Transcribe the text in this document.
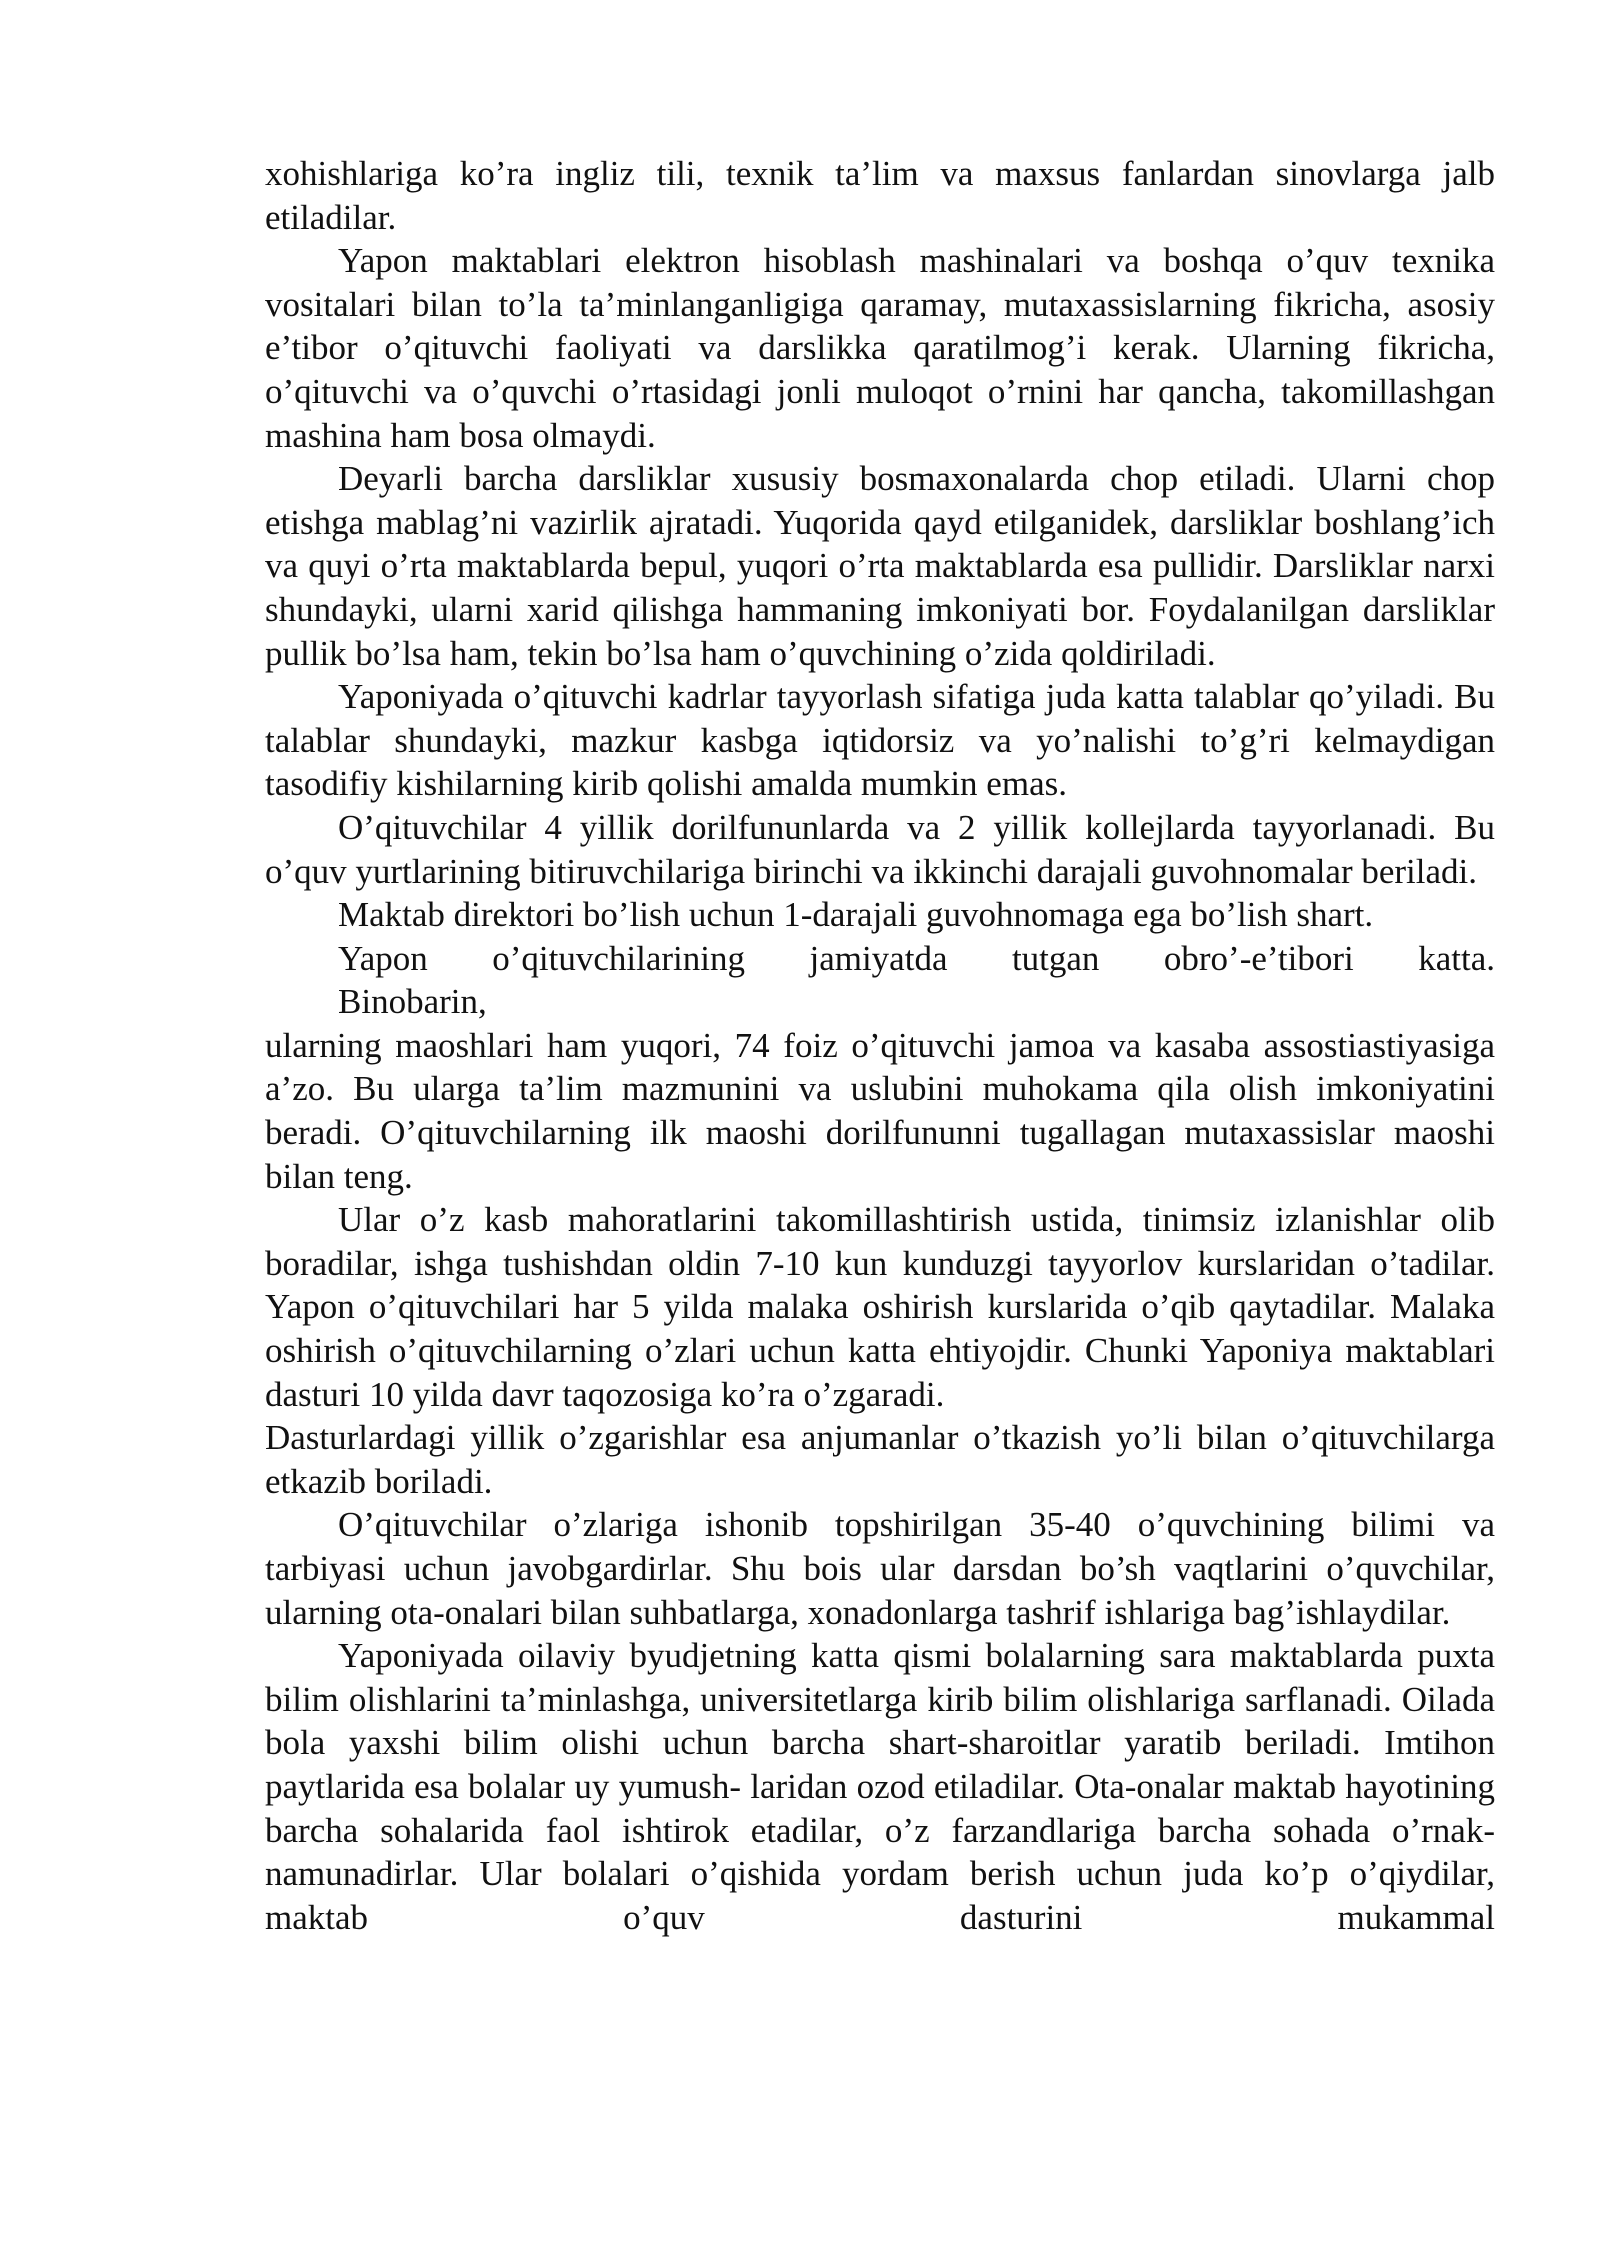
xohishlariga ko’ra ingliz tili, texnik ta’lim va maxsus fanlardan sinovlarga jalb etiladilar.

Yapon maktablari elektron hisoblash mashinalari va boshqa o’quv texnika vositalari bilan to’la ta’minlanganligiga qaramay, mutaxassislarning fikricha, asosiy e’tibor o’qituvchi faoliyati va darslikka qaratilmog’i kerak. Ularning fikricha, o’qituvchi va o’quvchi o’rtasidagi jonli muloqot o’rnini har qancha, takomillashgan mashina ham bosa olmaydi.

Deyarli barcha darsliklar xususiy bosmaxonalarda chop etiladi. Ularni chop etishga mablag’ni vazirlik ajratadi. Yuqorida qayd etilganidek, darsliklar boshlang’ich va quyi o’rta maktablarda bepul, yuqori o’rta maktablarda esa pullidir. Darsliklar narxi shundayki, ularni xarid qilishga hammaning imkoniyati bor. Foydalanilgan darsliklar pullik bo’lsa ham, tekin bo’lsa ham o’quvchining o’zida qoldiriladi.

Yaponiyada o’qituvchi kadrlar tayyorlash sifatiga juda katta talablar qo’yiladi. Bu talablar shundayki, mazkur kasbga iqtidorsiz va yo’nalishi to’g’ri kelmaydigan tasodifiy kishilarning kirib qolishi amalda mumkin emas.

O’qituvchilar 4 yillik dorilfununlarda va 2 yillik kollejlarda tayyorlanadi. Bu o’quv yurtlarining bitiruvchilariga birinchi va ikkinchi darajali guvohnomalar beriladi.

Maktab direktori bo’lish uchun 1-darajali guvohnomaga ega bo’lish shart.

Yapon o’qituvchilarining jamiyatda tutgan obro’-e’tibori katta.

Binobarin,

ularning maoshlari ham yuqori, 74 foiz o’qituvchi jamoa va kasaba assostiastiyasiga a’zo. Bu ularga ta’lim mazmunini va uslubini muhokama qila olish imkoniyatini beradi. O’qituvchilarning ilk maoshi dorilfununni tugallagan mutaxassislar maoshi bilan teng.

Ular o’z kasb mahoratlarini takomillashtirish ustida, tinimsiz izlanishlar olib boradilar, ishga tushishdan oldin 7-10 kun kunduzgi tayyorlov kurslaridan o’tadilar. Yapon o’qituvchilari har 5 yilda malaka oshirish kurslarida o’qib qaytadilar. Malaka oshirish o’qituvchilarning o’zlari uchun katta ehtiyojdir. Chunki Yaponiya maktablari dasturi 10 yilda davr taqozosiga ko’ra o’zgaradi.

Dasturlardagi yillik o’zgarishlar esa anjumanlar o’tkazish yo’li bilan o’qituvchilarga etkazib boriladi.

O’qituvchilar o’zlariga ishonib topshirilgan 35-40 o’quvchining bilimi va tarbiyasi uchun javobgardirlar. Shu bois ular darsdan bo’sh vaqtlarini o’quvchilar, ularning ota-onalari bilan suhbatlarga, xonadonlarga tashrif ishlariga bag’ishlaydilar.

Yaponiyada oilaviy byudjetning katta qismi bolalarning sara maktablarda puxta bilim olishlarini ta’minlashga, universitetlarga kirib bilim olishlariga sarflanadi. Oilada bola yaxshi bilim olishi uchun barcha shart-sharoitlar yaratib beriladi. Imtihon paytlarida esa bolalar uy yumush- laridan ozod etiladilar. Ota-onalar maktab hayotining barcha sohalarida faol ishtirok etadilar, o’z farzandlariga barcha sohada o’rnak-namunadirlar. Ular bolalari o’qishida yordam berish uchun juda ko’p o’qiydilar, maktab o’quv dasturini mukammal
